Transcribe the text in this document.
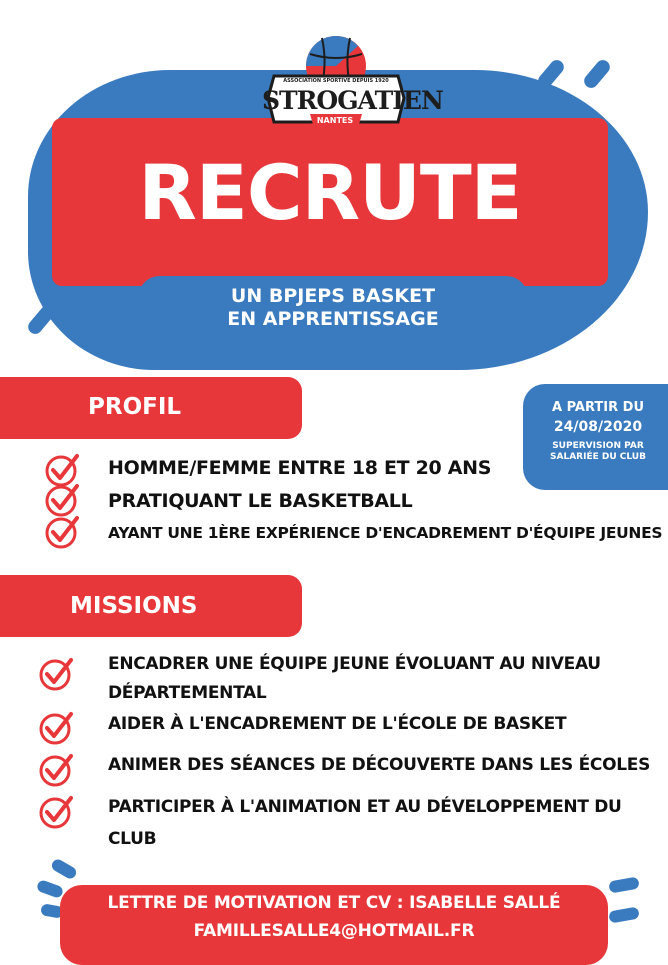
RECRUTE
UN BPJEPS BASKET
EN APPRENTISSAGE
ASSOCIATION SPORTIVE DEPUIS 1920
STROGATIEN
NANTES
A PARTIR DU
24/08/2020
SUPERVISION PAR
SALARIÉE DU CLUB
PROFIL
HOMME/FEMME ENTRE 18 ET 20 ANS
PRATIQUANT LE BASKETBALL
AYANT UNE 1ÈRE EXPÉRIENCE D'ENCADREMENT D'ÉQUIPE JEUNES
MISSIONS
ENCADRER UNE ÉQUIPE JEUNE ÉVOLUANT AU NIVEAU
DÉPARTEMENTAL
AIDER À L'ENCADREMENT DE L'ÉCOLE DE BASKET
ANIMER DES SÉANCES DE DÉCOUVERTE DANS LES ÉCOLES
PARTICIPER À L'ANIMATION ET AU DÉVELOPPEMENT DU
CLUB
LETTRE DE MOTIVATION ET CV : ISABELLE SALLÉ
FAMILLESALLE4@HOTMAIL.FR
